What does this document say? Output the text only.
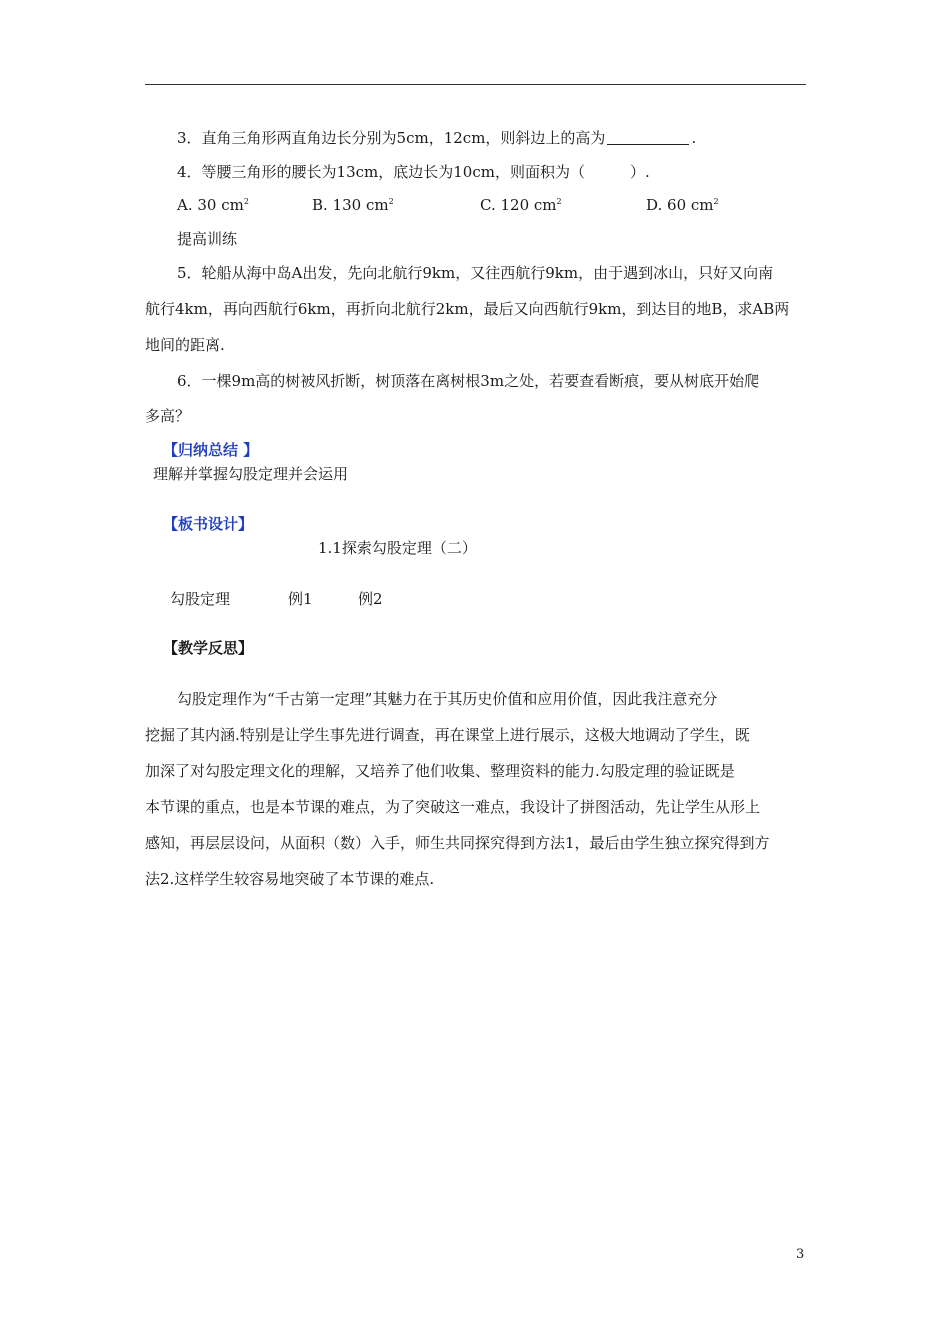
3．直角三角形两直角边长分别为5cm，12cm，则斜边上的高为	.
4．等腰三角形的腰长为13cm，底边长为10cm，则面积为（　　　）.
A. 30 $cm^2$	B. 130 $cm^2$	C. 120 $cm^2$	D. 60 $cm^2$
提高训练
5．轮船从海中岛A出发，先向北航行9km，又往西航行9km，由于遇到冰山，只好又向南
航行4km，再向西航行6km，再折向北航行2km，最后又向西航行9km，到达目的地B，求AB两
地间的距离.
6．一棵9m高的树被风折断，树顶落在离树根3m之处，若要查看断痕，要从树底开始爬
多高？
【归纳总结 】
理解并掌握勾股定理并会运用
【板书设计】
1.1探索勾股定理（二）
勾股定理	例1	例2
【教学反思】
勾股定理作为“千古第一定理”其魅力在于其历史价值和应用价值，因此我注意充分
挖掘了其内涵.特别是让学生事先进行调查，再在课堂上进行展示，这极大地调动了学生，既
加深了对勾股定理文化的理解，又培养了他们收集、整理资料的能力.勾股定理的验证既是
本节课的重点，也是本节课的难点，为了突破这一难点，我设计了拼图活动，先让学生从形上
感知，再层层设问，从面积（数）入手，师生共同探究得到方法1，最后由学生独立探究得到方
法2.这样学生较容易地突破了本节课的难点.
3
